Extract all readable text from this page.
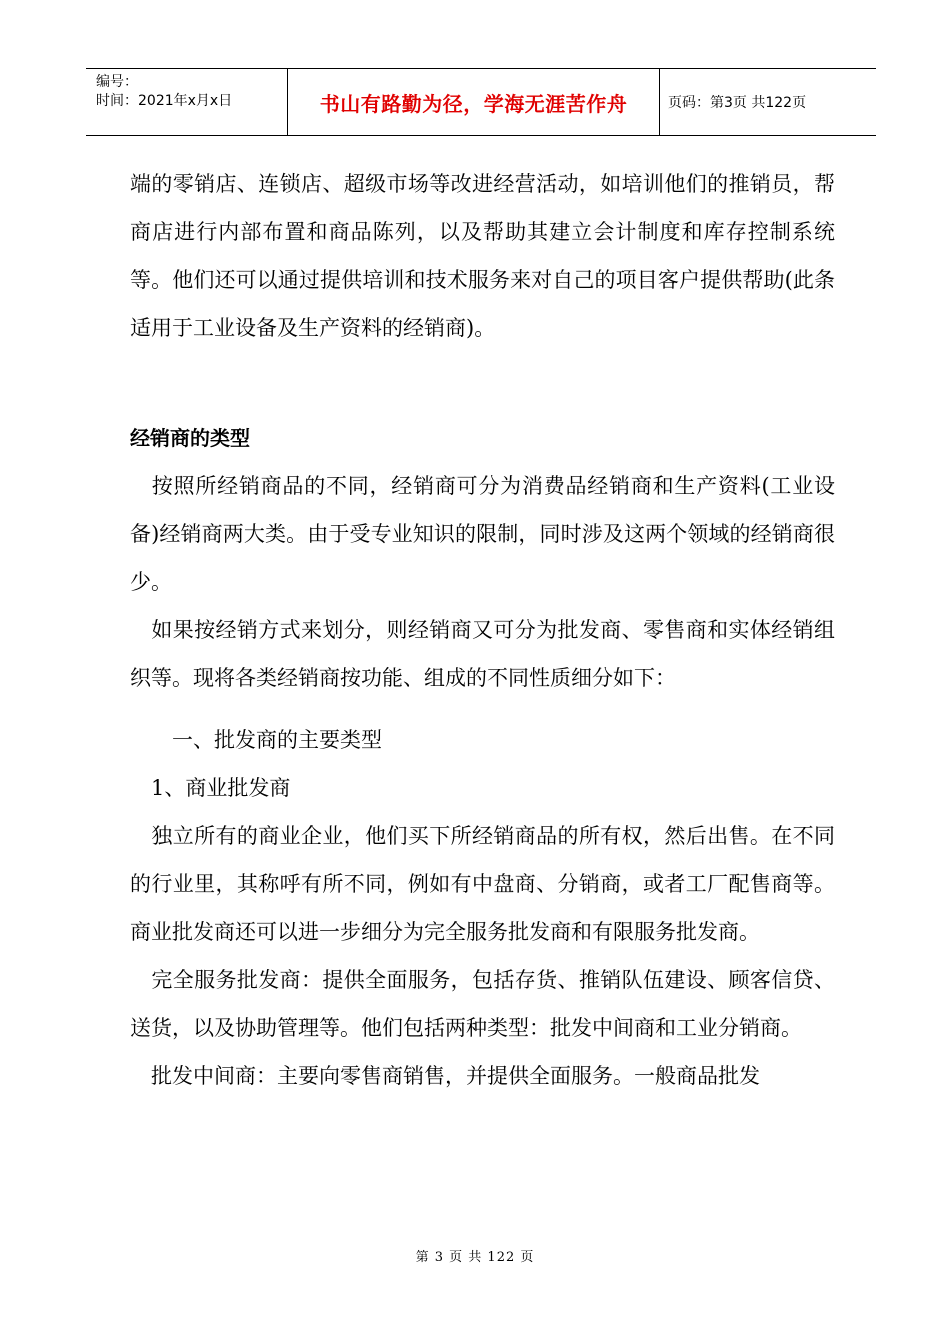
编号：
时间：2021年x月x日	书山有路勤为径，学海无涯苦作舟	页码：第3页 共122页

端的零销店、连锁店、超级市场等改进经营活动，如培训他们的推销员，帮商店进行内部布置和商品陈列，以及帮助其建立会计制度和库存控制系统等。他们还可以通过提供培训和技术服务来对自己的项目客户提供帮助(此条适用于工业设备及生产资料的经销商)。

经销商的类型

　按照所经销商品的不同，经销商可分为消费品经销商和生产资料(工业设备)经销商两大类。由于受专业知识的限制，同时涉及这两个领域的经销商很少。

　如果按经销方式来划分，则经销商又可分为批发商、零售商和实体经销组织等。现将各类经销商按功能、组成的不同性质细分如下：

　　一、批发商的主要类型

　1、商业批发商

　独立所有的商业企业，他们买下所经销商品的所有权，然后出售。在不同的行业里，其称呼有所不同，例如有中盘商、分销商，或者工厂配售商等。商业批发商还可以进一步细分为完全服务批发商和有限服务批发商。

　完全服务批发商：提供全面服务，包括存货、推销队伍建设、顾客信贷、送货，以及协助管理等。他们包括两种类型：批发中间商和工业分销商。

　批发中间商：主要向零售商销售，并提供全面服务。一般商品批发

第 3 页 共 122 页
